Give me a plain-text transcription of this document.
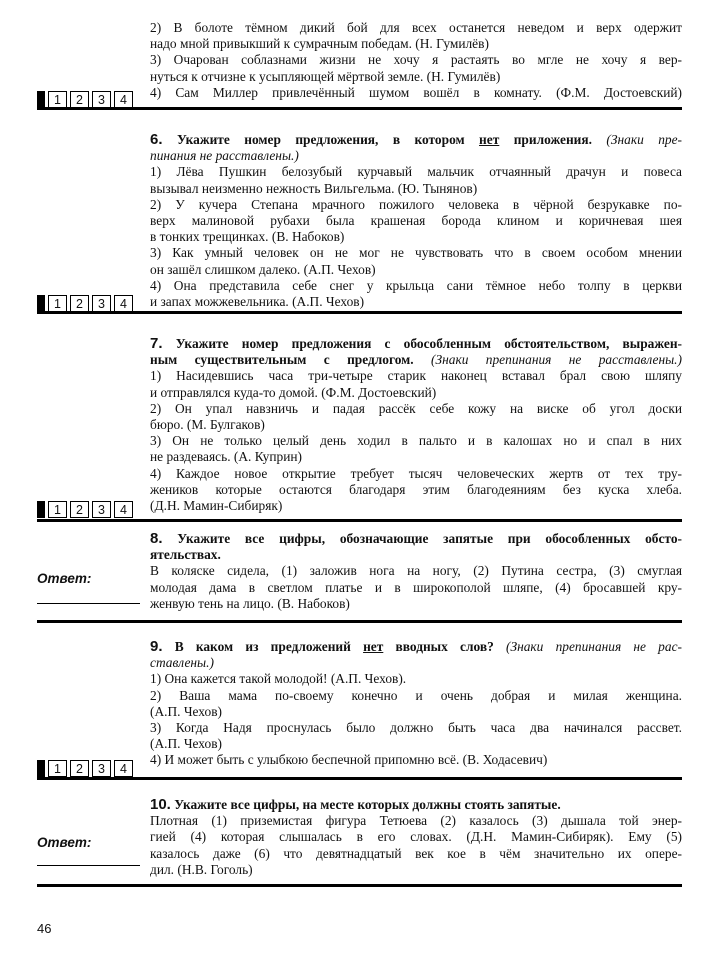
2) В болоте тёмном дикий бой для всех останется неведом и верх одержит
надо мной привыкший к сумрачным победам. (Н. Гумилёв)
3) Очарован соблазнами жизни не хочу я растаять во мгле не хочу я вер-
нуться к отчизне к усыпляющей мёртвой земле. (Н. Гумилёв)
4) Сам Миллер привлечённый шумом вошёл в комнату. (Ф.М. Достоевский)
1	2	3	4
6. Укажите номер предложения, в котором нет приложения. (Знаки пре-
пинания не расставлены.)
1) Лёва Пушкин белозубый курчавый мальчик отчаянный драчун и повеса
вызывал неизменно нежность Вильгельма. (Ю. Тынянов)
2) У кучера Степана мрачного пожилого человека в чёрной безрукавке по-
верх малиновой рубахи была крашеная борода клином и коричневая шея
в тонких трещинках. (В. Набоков)
3) Как умный человек он не мог не чувствовать что в своем особом мнении
он зашёл слишком далеко. (А.П. Чехов)
4) Она представила себе снег у крыльца сани тёмное небо толпу в церкви
и запах можжевельника. (А.П. Чехов)
1	2	3	4
7. Укажите номер предложения с обособленным обстоятельством, выражен-
ным существительным с предлогом. (Знаки препинания не расставлены.)
1) Насидевшись часа три-четыре старик наконец вставал брал свою шляпу
и отправлялся куда-то домой. (Ф.М. Достоевский)
2) Он упал навзничь и падая рассёк себе кожу на виске об угол доски
бюро. (М. Булгаков)
3) Он не только целый день ходил в пальто и в калошах но и спал в них
не раздеваясь. (А. Куприн)
4) Каждое новое открытие требует тысяч человеческих жертв от тех тру-
жеников которые остаются благодаря этим благодеяниям без куска хлеба.
(Д.Н. Мамин-Сибиряк)
1	2	3	4
8. Укажите все цифры, обозначающие запятые при обособленных обсто-
ятельствах.
В коляске сидела, (1) заложив нога на ногу, (2) Путина сестра, (3) смуглая
молодая дама в светлом платье и в широкополой шляпе, (4) бросавшей кру-
женвую тень на лицо. (В. Набоков)
Ответ:
9. В каком из предложений нет вводных слов? (Знаки препинания не рас-
ставлены.)
1) Она кажется такой молодой! (А.П. Чехов).
2) Ваша мама по-своему конечно и очень добрая и милая женщина.
(А.П. Чехов)
3) Когда Надя проснулась было должно быть часа два начинался рассвет.
(А.П. Чехов)
4) И может быть с улыбкою беспечной припомню всё. (В. Ходасевич)
1	2	3	4
10. Укажите все цифры, на месте которых должны стоять запятые.
Плотная (1) приземистая фигура Тетюева (2) казалось (3) дышала той энер-
гией (4) которая слышалась в его словах. (Д.Н. Мамин-Сибиряк). Ему (5)
казалось даже (6) что девятнадцатый век кое в чём значительно их опере-
дил. (Н.В. Гоголь)
Ответ:
46
